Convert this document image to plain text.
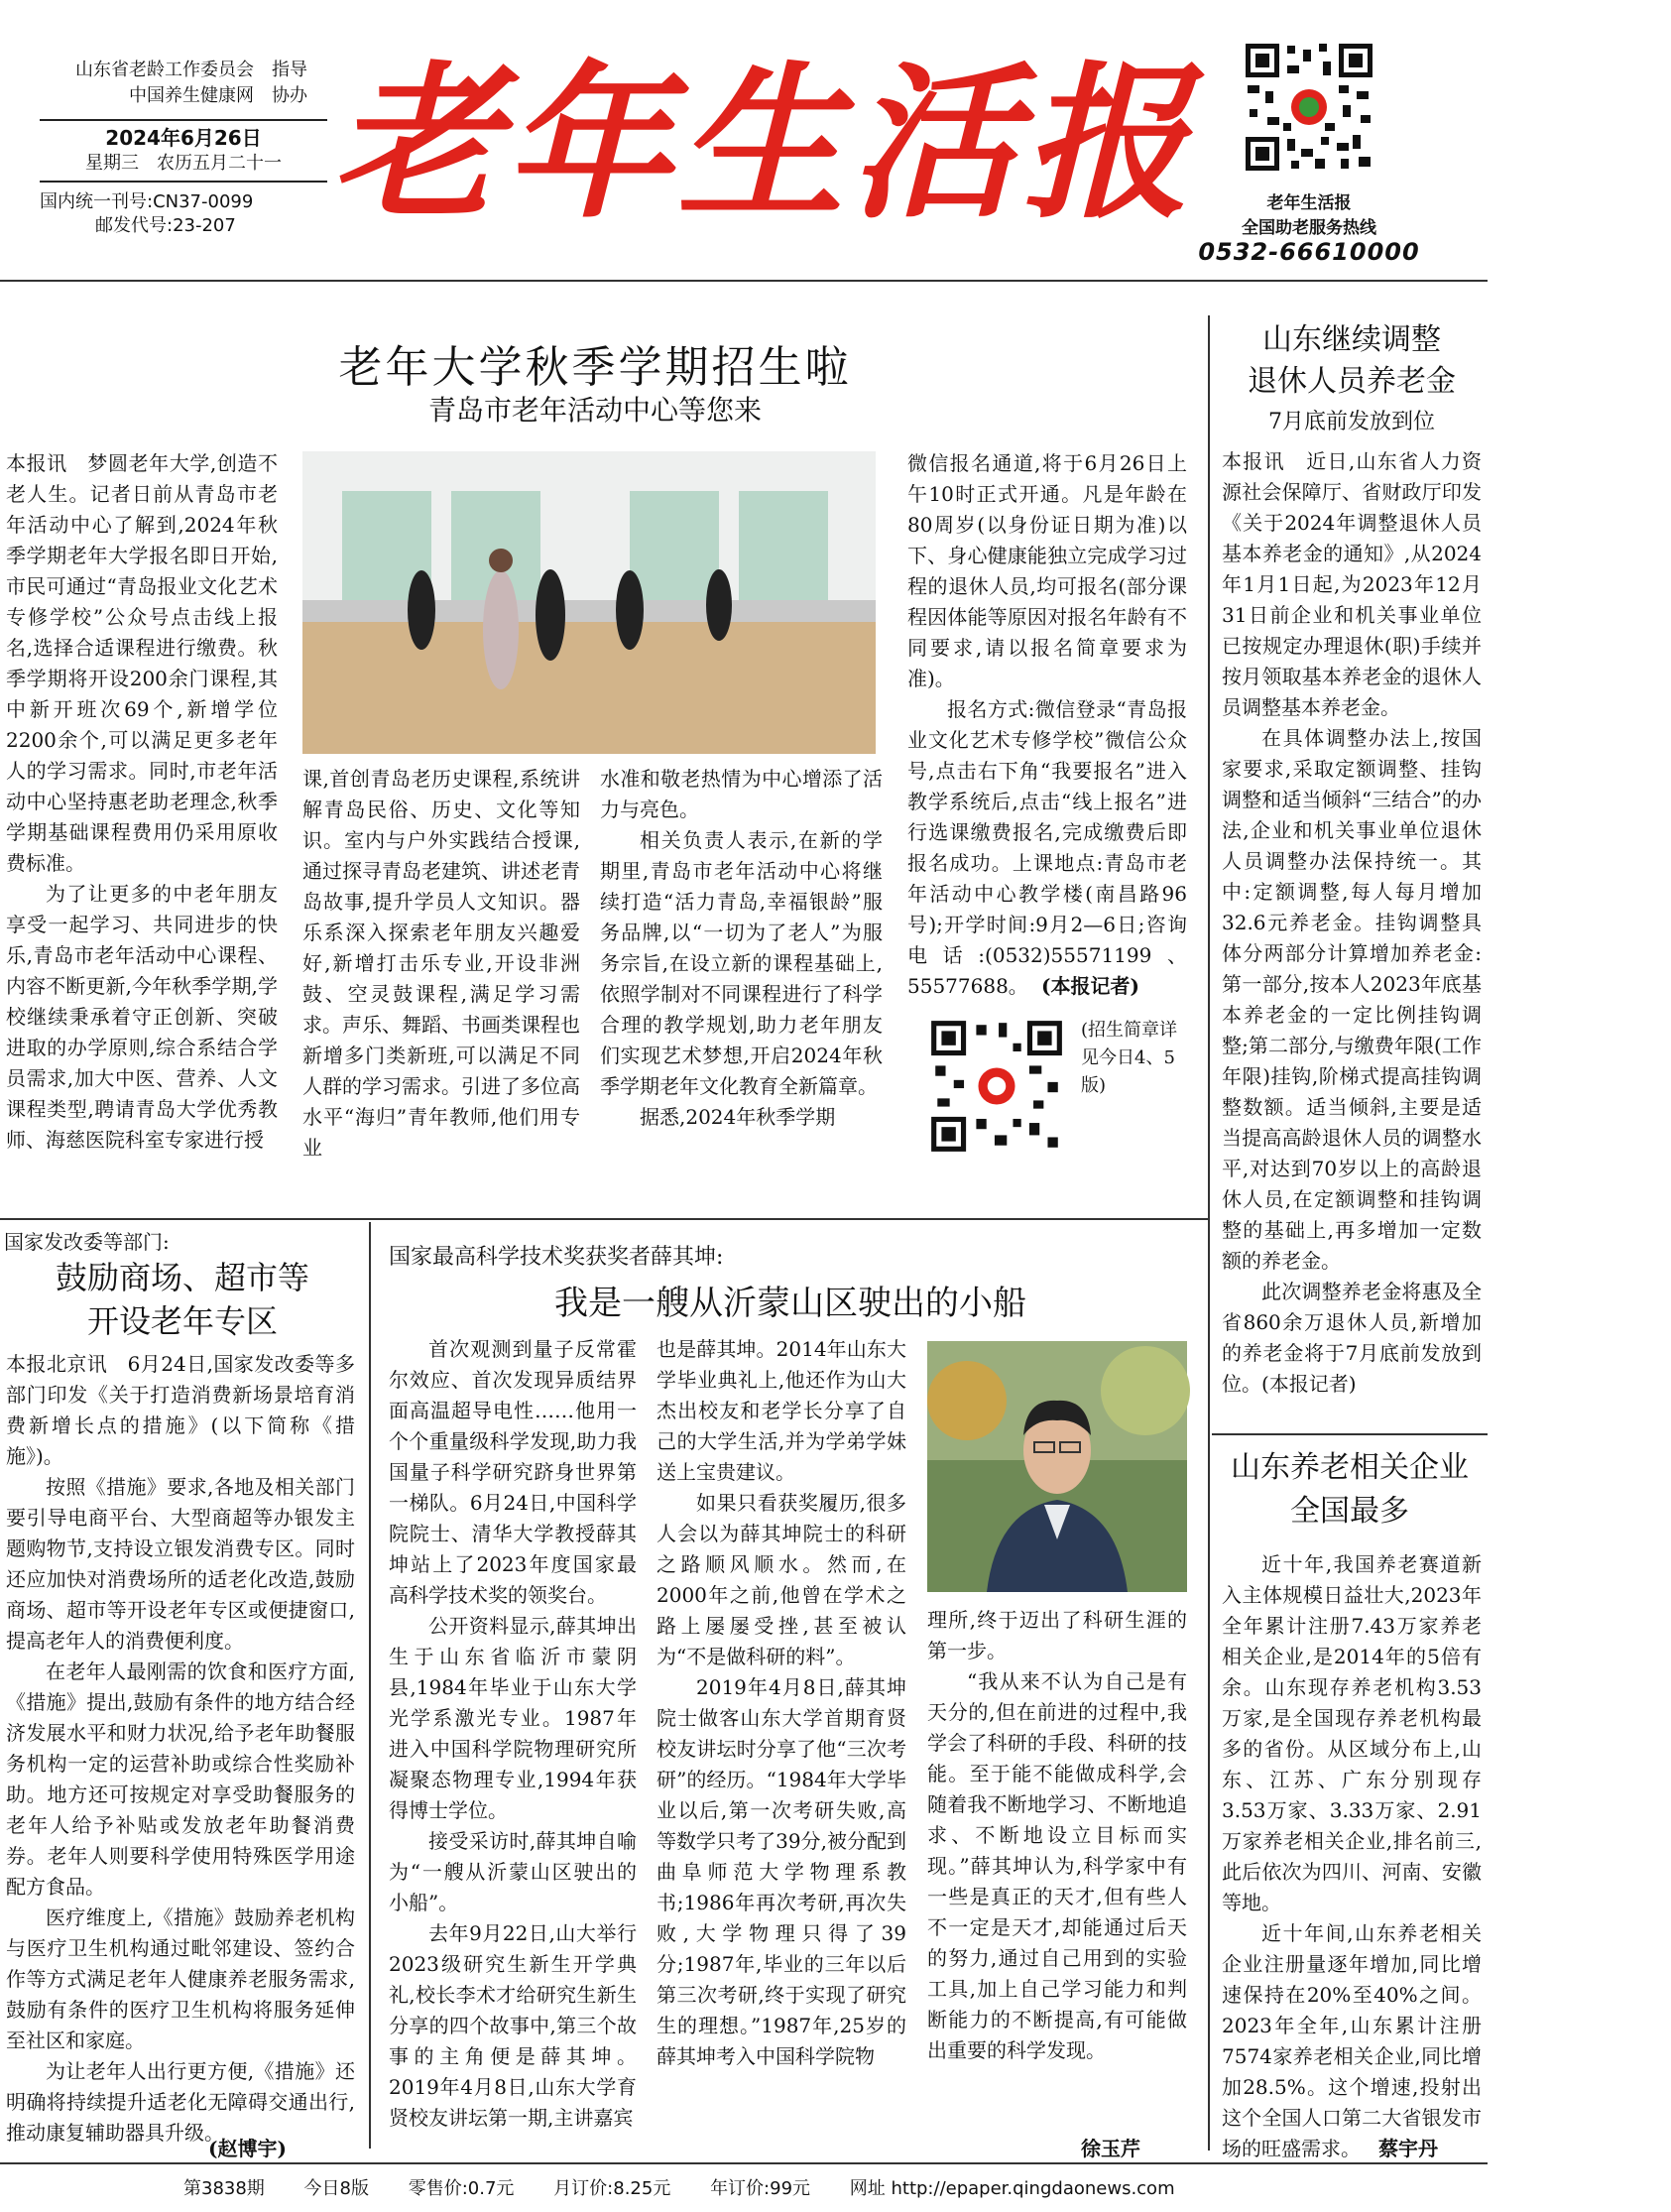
山东省老龄工作委员会　指导
中国养生健康网　协办
2024年6月26日
星期三　农历五月二十一
国内统一刊号:CN37-0099
邮发代号:23-207 老年生活报	老年生活报
全国助老服务热线
0532-66610000
老年大学秋季学期招生啦
青岛市老年活动中心等您来

本报讯　梦圆老年大学,创造不老人生。记者日前从青岛市老年活动中心了解到,2024年秋季学期老年大学报名即日开始,市民可通过“青岛报业文化艺术专修学校”公众号点击线上报名,选择合适课程进行缴费。秋季学期将开设200余门课程,其中新开班次69个,新增学位2200余个,可以满足更多老年人的学习需求。同时,市老年活动中心坚持惠老助老理念,秋季学期基础课程费用仍采用原收费标准。

为了让更多的中老年朋友享受一起学习、共同进步的快乐,青岛市老年活动中心课程、内容不断更新,今年秋季学期,学校继续秉承着守正创新、突破进取的办学原则,综合系结合学员需求,加大中医、营养、人文课程类型,聘请青岛大学优秀教师、海慈医院科室专家进行授

课,首创青岛老历史课程,系统讲解青岛民俗、历史、文化等知识。室内与户外实践结合授课,通过探寻青岛老建筑、讲述老青岛故事,提升学员人文知识。器乐系深入探索老年朋友兴趣爱好,新增打击乐专业,开设非洲鼓、空灵鼓课程,满足学习需求。声乐、舞蹈、书画类课程也新增多门类新班,可以满足不同人群的学习需求。引进了多位高水平“海归”青年教师,他们用专业

水准和敬老热情为中心增添了活力与亮色。

相关负责人表示,在新的学期里,青岛市老年活动中心将继续打造“活力青岛,幸福银龄”服务品牌,以“一切为了老人”为服务宗旨,在设立新的课程基础上,依照学制对不同课程进行了科学合理的教学规划,助力老年朋友们实现艺术梦想,开启2024年秋季学期老年文化教育全新篇章。

据悉,2024年秋季学期

微信报名通道,将于6月26日上午10时正式开通。凡是年龄在80周岁(以身份证日期为准)以下、身心健康能独立完成学习过程的退休人员,均可报名(部分课程因体能等原因对报名年龄有不同要求,请以报名简章要求为准)。

报名方式:微信登录“青岛报业文化艺术专修学校”微信公众号,点击右下角“我要报名”进入教学系统后,点击“线上报名”进行选课缴费报名,完成缴费后即报名成功。上课地点:青岛市老年活动中心教学楼(南昌路96号);开学时间:9月2—6日;咨询电话:(0532)55571199、55577688。 (本报记者)
(招生简章详见今日4、5版)
山东继续调整
退休人员养老金
7月底前发放到位

本报讯　近日,山东省人力资源社会保障厅、省财政厅印发《关于2024年调整退休人员基本养老金的通知》,从2024年1月1日起,为2023年12月31日前企业和机关事业单位已按规定办理退休(职)手续并按月领取基本养老金的退休人员调整基本养老金。

在具体调整办法上,按国家要求,采取定额调整、挂钩调整和适当倾斜“三结合”的办法,企业和机关事业单位退休人员调整办法保持统一。其中:定额调整,每人每月增加32.6元养老金。挂钩调整具体分两部分计算增加养老金:第一部分,按本人2023年底基本养老金的一定比例挂钩调整;第二部分,与缴费年限(工作年限)挂钩,阶梯式提高挂钩调整数额。适当倾斜,主要是适当提高高龄退休人员的调整水平,对达到70岁以上的高龄退休人员,在定额调整和挂钩调整的基础上,再多增加一定数额的养老金。

此次调整养老金将惠及全省860余万退休人员,新增加的养老金将于7月底前发放到位。(本报记者)

山东养老相关企业
全国最多

近十年,我国养老赛道新入主体规模日益壮大,2023年全年累计注册7.43万家养老相关企业,是2014年的5倍有余。山东现存养老机构3.53万家,是全国现存养老机构最多的省份。从区域分布上,山东、江苏、广东分别现存3.53万家、3.33万家、2.91万家养老相关企业,排名前三,此后依次为四川、河南、安徽等地。

近十年间,山东养老相关企业注册量逐年增加,同比增速保持在20%至40%之间。2023年全年,山东累计注册7574家养老相关企业,同比增加28.5%。这个增速,投射出这个全国人口第二大省银发市场的旺盛需求。 蔡宇丹
国家发改委等部门:
鼓励商场、超市等
开设老年专区

本报北京讯　6月24日,国家发改委等多部门印发《关于打造消费新场景培育消费新增长点的措施》(以下简称《措施》)。

按照《措施》要求,各地及相关部门要引导电商平台、大型商超等办银发主题购物节,支持设立银发消费专区。同时还应加快对消费场所的适老化改造,鼓励商场、超市等开设老年专区或便捷窗口,提高老年人的消费便利度。

在老年人最刚需的饮食和医疗方面,《措施》提出,鼓励有条件的地方结合经济发展水平和财力状况,给予老年助餐服务机构一定的运营补助或综合性奖励补助。地方还可按规定对享受助餐服务的老年人给予补贴或发放老年助餐消费券。老年人则要科学使用特殊医学用途配方食品。

医疗维度上,《措施》鼓励养老机构与医疗卫生机构通过毗邻建设、签约合作等方式满足老年人健康养老服务需求,鼓励有条件的医疗卫生机构将服务延伸至社区和家庭。

为让老年人出行更方便,《措施》还明确将持续提升适老化无障碍交通出行,推动康复辅助器具升级。

(赵博宇)
国家最高科学技术奖获奖者薛其坤:
我是一艘从沂蒙山区驶出的小船

首次观测到量子反常霍尔效应、首次发现异质结界面高温超导电性……他用一个个重量级科学发现,助力我国量子科学研究跻身世界第一梯队。6月24日,中国科学院院士、清华大学教授薛其坤站上了2023年度国家最高科学技术奖的领奖台。

公开资料显示,薛其坤出生于山东省临沂市蒙阴县,1984年毕业于山东大学光学系激光专业。1987年进入中国科学院物理研究所凝聚态物理专业,1994年获得博士学位。

接受采访时,薛其坤自喻为“一艘从沂蒙山区驶出的小船”。

去年9月22日,山大举行2023级研究生新生开学典礼,校长李术才给研究生新生分享的四个故事中,第三个故事的主角便是薛其坤。2019年4月8日,山东大学育贤校友讲坛第一期,主讲嘉宾

也是薛其坤。2014年山东大学毕业典礼上,他还作为山大杰出校友和老学长分享了自己的大学生活,并为学弟学妹送上宝贵建议。

如果只看获奖履历,很多人会以为薛其坤院士的科研之路顺风顺水。然而,在2000年之前,他曾在学术之路上屡屡受挫,甚至被认为“不是做科研的料”。

2019年4月8日,薛其坤院士做客山东大学首期育贤校友讲坛时分享了他“三次考研”的经历。“1984年大学毕业以后,第一次考研失败,高等数学只考了39分,被分配到曲阜师范大学物理系教书;1986年再次考研,再次失败,大学物理只得了39分;1987年,毕业的三年以后第三次考研,终于实现了研究生的理想。”1987年,25岁的薛其坤考入中国科学院物

理所,终于迈出了科研生涯的第一步。

“我从来不认为自己是有天分的,但在前进的过程中,我学会了科研的手段、科研的技能。至于能不能做成科学,会随着我不断地学习、不断地追求、不断地设立目标而实现。”薛其坤认为,科学家中有一些是真正的天才,但有些人不一定是天才,却能通过后天的努力,通过自己用到的实验工具,加上自己学习能力和判断能力的不断提高,有可能做出重要的科学发现。

徐玉芹
第3838期 今日8版 零售价:0.7元 月订价:8.25元 年订价:99元 网址 http://epaper.qingdaonews.com
